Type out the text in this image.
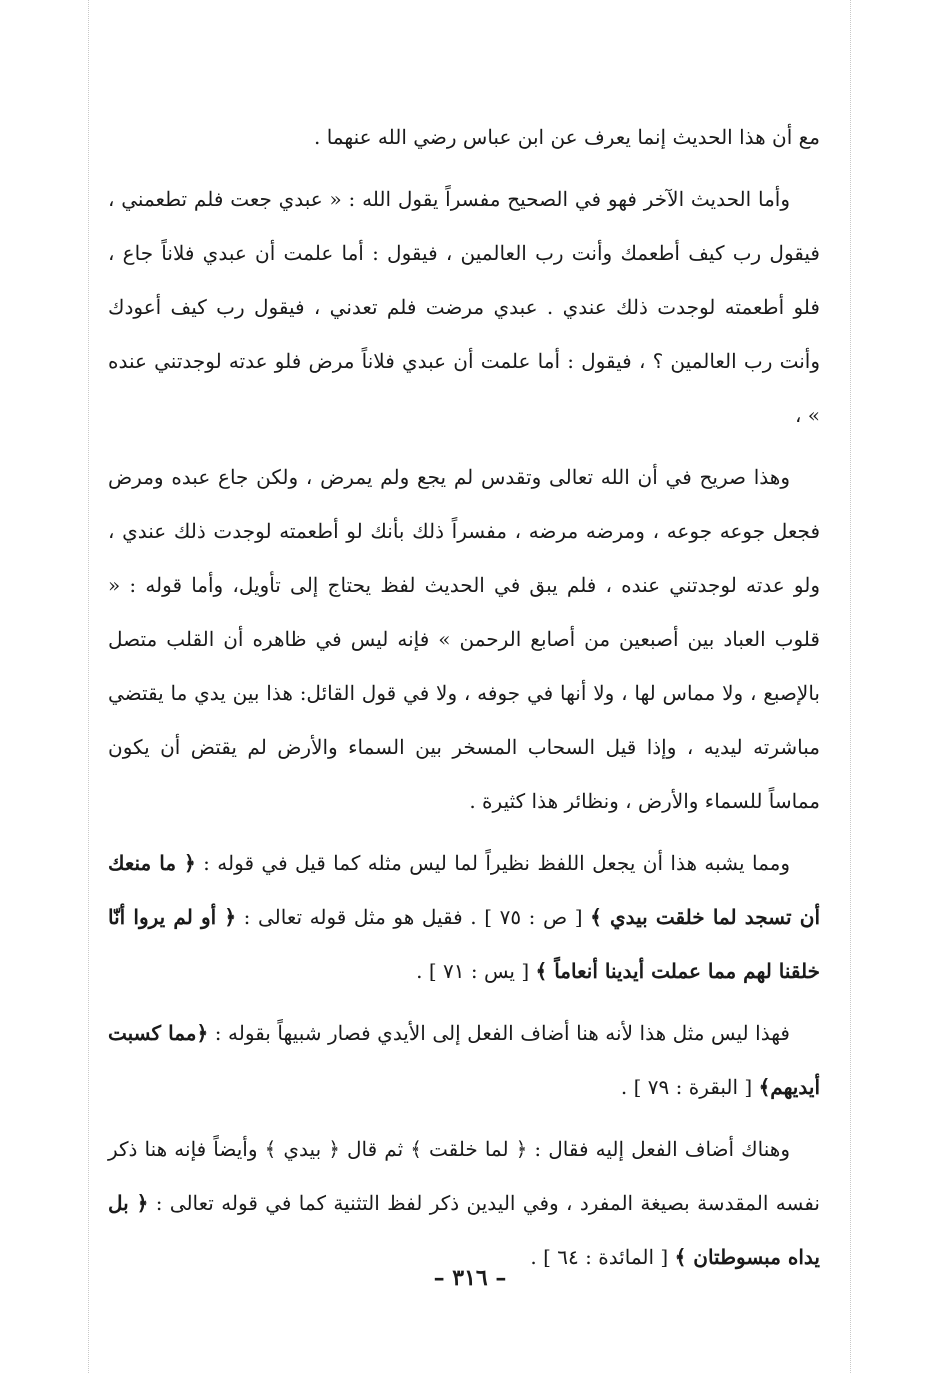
مع أن هذا الحديث إنما يعرف عن ابن عباس رضي الله عنهما .

وأما الحديث الآخر فهو في الصحيح مفسراً يقول الله : « عبدي جعت فلم تطعمني ، فيقول رب كيف أطعمك وأنت رب العالمين ، فيقول : أما علمت أن عبدي فلاناً جاع ، فلو أطعمته لوجدت ذلك عندي . عبدي مرضت فلم تعدني ، فيقول رب كيف أعودك وأنت رب العالمين ؟ ، فيقول : أما علمت أن عبدي فلاناً مرض فلو عدته لوجدتني عنده » ،

وهذا صريح في أن الله تعالى وتقدس لم يجع ولم يمرض ، ولكن جاع عبده ومرض فجعل جوعه جوعه ، ومرضه مرضه ، مفسراً ذلك بأنك لو أطعمته لوجدت ذلك عندي ، ولو عدته لوجدتني عنده ، فلم يبق في الحديث لفظ يحتاج إلى تأويل، وأما قوله : « قلوب العباد بين أصبعين من أصابع الرحمن » فإنه ليس في ظاهره أن القلب متصل بالإصبع ، ولا مماس لها ، ولا أنها في جوفه ، ولا في قول القائل: هذا بين يدي ما يقتضي مباشرته ليديه ، وإذا قيل السحاب المسخر بين السماء والأرض لم يقتض أن يكون مماساً للسماء والأرض ، ونظائر هذا كثيرة .

ومما يشبه هذا أن يجعل اللفظ نظيراً لما ليس مثله كما قيل في قوله : ﴿ ما منعك أن تسجد لما خلقت بيدي ﴾ [ ص : ٧٥ ] . فقيل هو مثل قوله تعالى : ﴿ أو لم يروا أنّا خلقنا لهم مما عملت أيدينا أنعاماً ﴾ [ يس : ٧١ ] .

فهذا ليس مثل هذا لأنه هنا أضاف الفعل إلى الأيدي فصار شبيهاً بقوله : ﴿مما كسبت أيديهم﴾ [ البقرة : ٧٩ ] .

وهناك أضاف الفعل إليه فقال : ﴿ لما خلقت ﴾ ثم قال ﴿ بيدي ﴾ وأيضاً فإنه هنا ذكر نفسه المقدسة بصيغة المفرد ، وفي اليدين ذكر لفظ التثنية كما في قوله تعالى : ﴿ بل يداه مبسوطتان ﴾ [ المائدة : ٦٤ ] .

– ٣١٦ –
